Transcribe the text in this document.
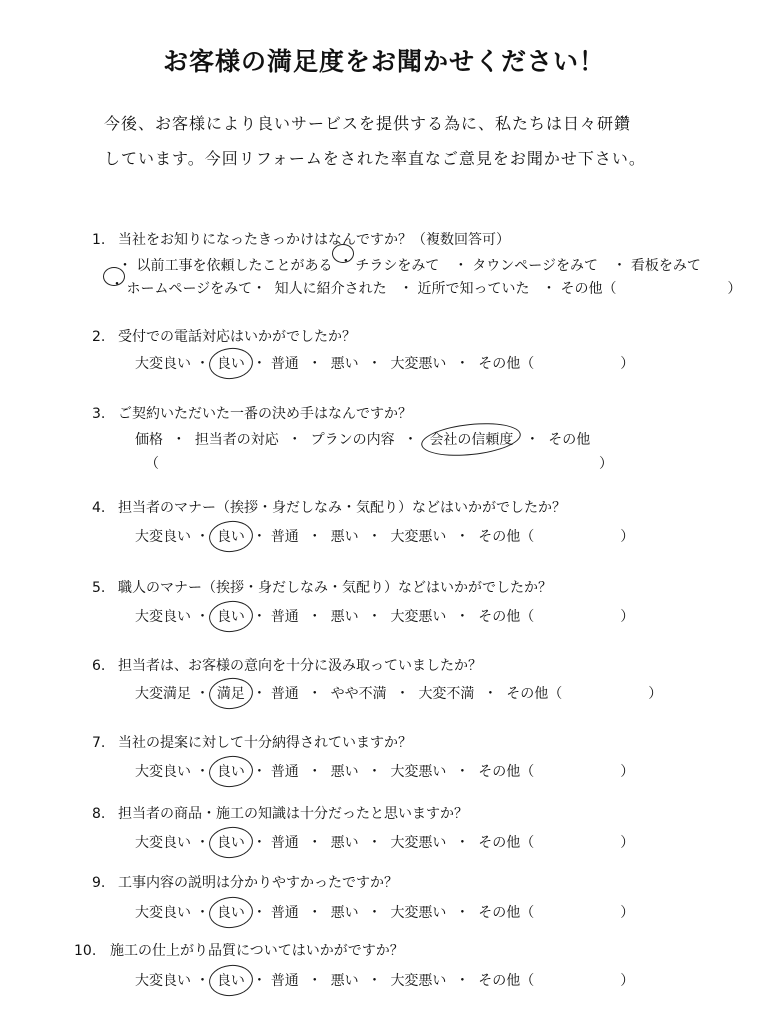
お客様の満足度をお聞かせください！
今後、お客様により良いサービスを提供する為に、私たちは日々研鑽
しています。今回リフォームをされた率直なご意見をお聞かせ下さい。
1. 当社をお知りになったきっかけはなんですか？（複数回答可）
・ 以前工事を依頼したことがある ・ チラシをみて ・ タウンページをみて ・ 看板をみて
・ ホームページをみて・ 知人に紹介された ・ 近所で知っていた ・ その他（	）
2. 受付での電話対応はいかがでしたか？
大変良い ・ 良い ・ 普通  ・  悪い  ・  大変悪い  ・  その他（	）
3. ご契約いただいた一番の決め手はなんですか？
価格  ・  担当者の対応  ・  プランの内容  ・  会社の信頼度  ・  その他
（	）
4. 担当者のマナー（挨拶・身だしなみ・気配り）などはいかがでしたか？
大変良い ・ 良い ・ 普通  ・  悪い  ・  大変悪い  ・  その他（	）
5. 職人のマナー（挨拶・身だしなみ・気配り）などはいかがでしたか？
大変良い ・ 良い ・ 普通  ・  悪い  ・  大変悪い  ・  その他（	）
6. 担当者は、お客様の意向を十分に汲み取っていましたか？
大変満足 ・ 満足 ・ 普通  ・  やや不満  ・  大変不満  ・  その他（	）
7. 当社の提案に対して十分納得されていますか？
大変良い ・ 良い ・ 普通  ・  悪い  ・  大変悪い  ・  その他（	）
8. 担当者の商品・施工の知識は十分だったと思いますか？
大変良い ・ 良い ・ 普通  ・  悪い  ・  大変悪い  ・  その他（	）
9. 工事内容の説明は分かりやすかったですか？
大変良い ・ 良い ・ 普通  ・  悪い  ・  大変悪い  ・  その他（	）
10. 施工の仕上がり品質についてはいかがですか？
大変良い ・ 良い ・ 普通  ・  悪い  ・  大変悪い  ・  その他（	）
